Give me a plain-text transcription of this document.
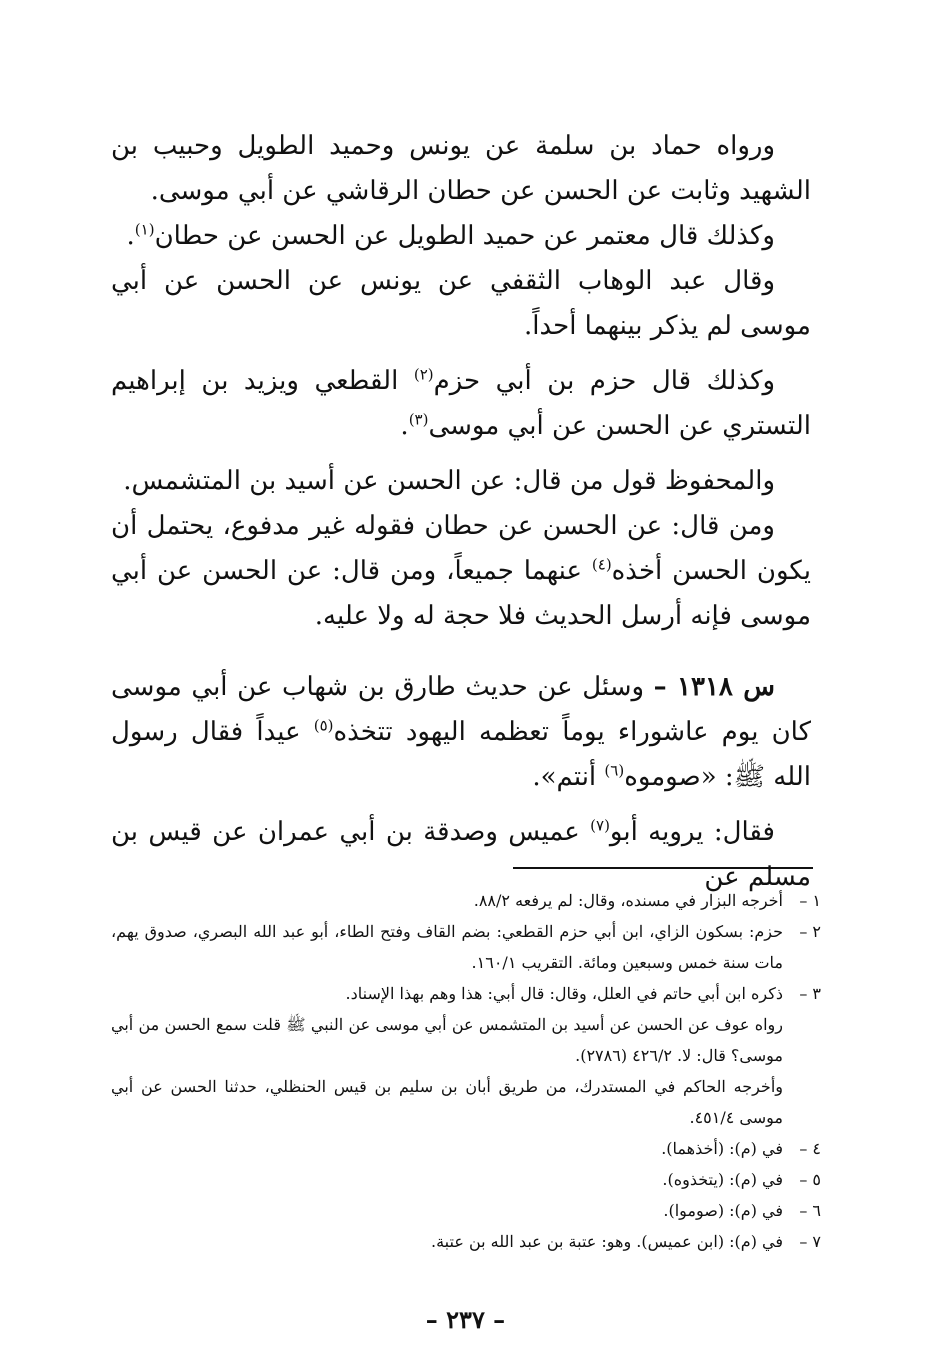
ورواه حماد بن سلمة عن يونس وحميد الطويل وحبيب بن الشهيد وثابت عن الحسن عن حطان الرقاشي عن أبي موسى.

وكذلك قال معتمر عن حميد الطويل عن الحسن عن حطان$^{(١)}$.

وقال عبد الوهاب الثقفي عن يونس عن الحسن عن أبي موسى لم يذكر بينهما أحداً.

وكذلك قال حزم بن أبي حزم$^{(٢)}$ القطعي ويزيد بن إبراهيم التستري عن الحسن عن أبي موسى$^{(٣)}$.

والمحفوظ قول من قال: عن الحسن عن أسيد بن المتشمس.

ومن قال: عن الحسن عن حطان فقوله غير مدفوع، يحتمل أن يكون الحسن أخذه$^{(٤)}$ عنهما جميعاً، ومن قال: عن الحسن عن أبي موسى فإنه أرسل الحديث فلا حجة له ولا عليه.

س ١٣١٨ – وسئل عن حديث طارق بن شهاب عن أبي موسى كان يوم عاشوراء يوماً تعظمه اليهود تتخذه$^{(٥)}$ عيداً فقال رسول الله ﷺ: «صوموه$^{(٦)}$ أنتم».

فقال: يرويه أبو$^{(٧)}$ عميس وصدقة بن أبي عمران عن قيس بن مسلم عن

١ –
أخرجه البزار في مسنده، وقال: لم يرفعه ٨٨/٢.
٢ –
حزم: بسكون الزاي، ابن أبي حزم القطعي: بضم القاف وفتح الطاء، أبو عبد الله البصري، صدوق يهم، مات سنة خمس وسبعين ومائة. التقريب ١٦٠/١.
٣ –
ذكره ابن أبي حاتم في العلل، وقال: قال أبي: هذا وهم بهذا الإسناد.
رواه عوف عن الحسن عن أسيد بن المتشمس عن أبي موسى عن النبي ﷺ قلت سمع الحسن من أبي موسى؟ قال: لا. ٤٢٦/٢ (٢٧٨٦).
وأخرجه الحاكم في المستدرك، من طريق أبان بن سليم بن قيس الحنظلي، حدثنا الحسن عن أبي موسى ٤٥١/٤.
٤ –
في (م): (أخذهما).
٥ –
في (م): (يتخذوه).
٦ –
في (م): (صوموا).
٧ –
في (م): (ابن عميس). وهو: عتبة بن عبد الله بن عتبة.
– ٢٣٧ –
